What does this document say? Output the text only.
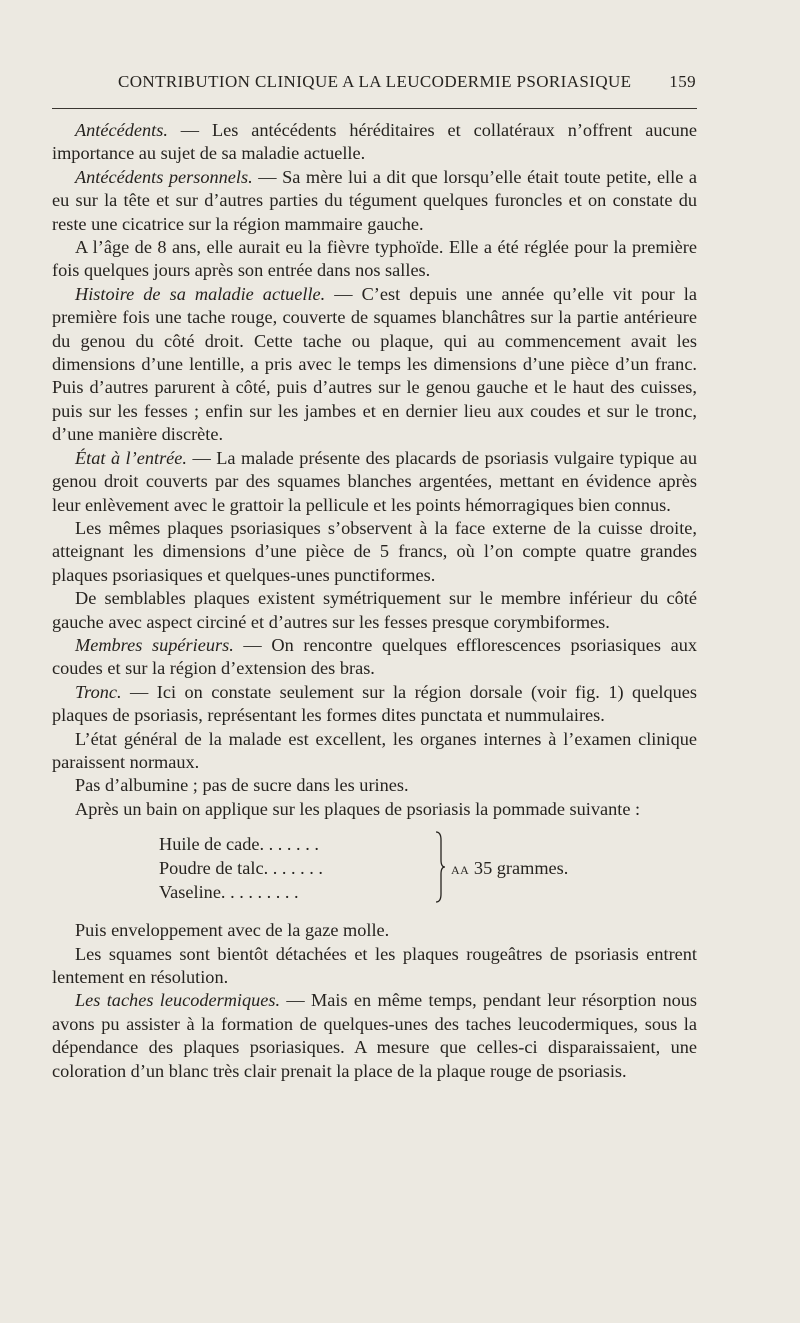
CONTRIBUTION CLINIQUE A LA LEUCODERMIE PSORIASIQUE 159

Antécédents. — Les antécédents héréditaires et collatéraux n’offrent aucune importance au sujet de sa maladie actuelle.

Antécédents personnels. — Sa mère lui a dit que lorsqu’elle était toute petite, elle a eu sur la tête et sur d’autres parties du tégument quelques furoncles et on constate du reste une cicatrice sur la région mammaire gauche.

A l’âge de 8 ans, elle aurait eu la fièvre typhoïde. Elle a été réglée pour la première fois quelques jours après son entrée dans nos salles.

Histoire de sa maladie actuelle. — C’est depuis une année qu’elle vit pour la première fois une tache rouge, couverte de squames blanchâtres sur la partie antérieure du genou du côté droit. Cette tache ou plaque, qui au commencement avait les dimensions d’une lentille, a pris avec le temps les dimensions d’une pièce d’un franc. Puis d’autres parurent à côté, puis d’autres sur le genou gauche et le haut des cuisses, puis sur les fesses ; enfin sur les jambes et en dernier lieu aux coudes et sur le tronc, d’une manière discrète.

État à l’entrée. — La malade présente des placards de psoriasis vulgaire typique au genou droit couverts par des squames blanches argentées, mettant en évidence après leur enlèvement avec le grattoir la pellicule et les points hémorragiques bien connus.

Les mêmes plaques psoriasiques s’observent à la face externe de la cuisse droite, atteignant les dimensions d’une pièce de 5 francs, où l’on compte quatre grandes plaques psoriasiques et quelques-unes punctiformes.

De semblables plaques existent symétriquement sur le membre inférieur du côté gauche avec aspect circiné et d’autres sur les fesses presque corymbiformes.

Membres supérieurs. — On rencontre quelques efflorescences psoriasiques aux coudes et sur la région d’extension des bras.

Tronc. — Ici on constate seulement sur la région dorsale (voir fig. 1) quelques plaques de psoriasis, représentant les formes dites punctata et nummulaires.

L’état général de la malade est excellent, les organes internes à l’examen clinique paraissent normaux.

Pas d’albumine ; pas de sucre dans les urines.

Après un bain on applique sur les plaques de psoriasis la pommade suivante :

Huile de cade. . . . . . .
Poudre de talc. . . . . . .
Vaseline. . . . . . . . .
AA 35 grammes.

Puis enveloppement avec de la gaze molle.

Les squames sont bientôt détachées et les plaques rougeâtres de psoriasis entrent lentement en résolution.

Les taches leucodermiques. — Mais en même temps, pendant leur résorption nous avons pu assister à la formation de quelques-unes des taches leucodermiques, sous la dépendance des plaques psoriasiques. A mesure que celles-ci disparaissaient, une coloration d’un blanc très clair prenait la place de la plaque rouge de psoriasis.
